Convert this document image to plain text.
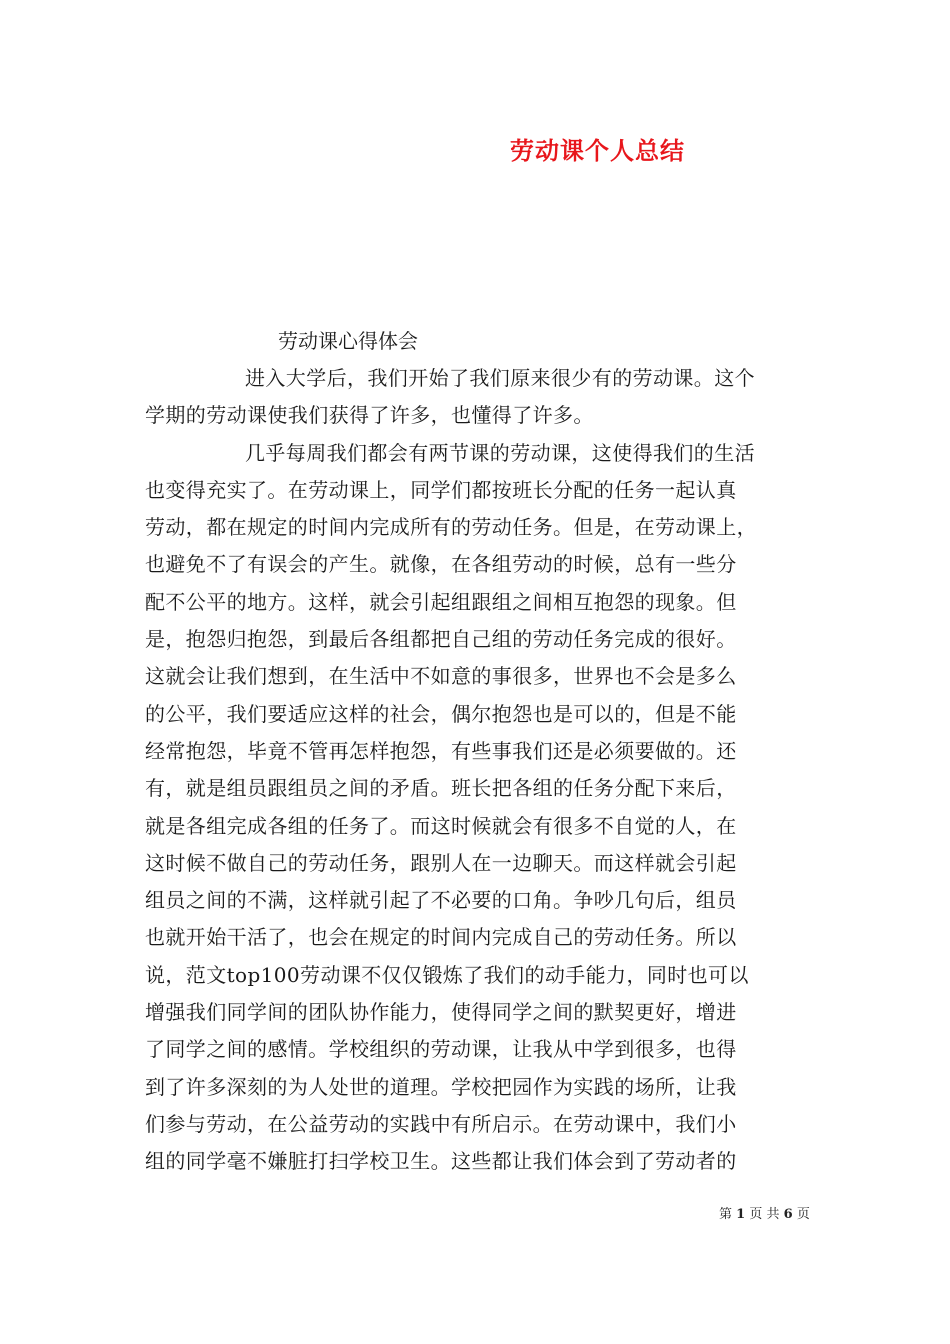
劳动课个人总结
劳动课心得体会
进入大学后，我们开始了我们原来很少有的劳动课。这个
学期的劳动课使我们获得了许多，也懂得了许多。
几乎每周我们都会有两节课的劳动课，这使得我们的生活
也变得充实了。在劳动课上，同学们都按班长分配的任务一起认真
劳动，都在规定的时间内完成所有的劳动任务。但是，在劳动课上，
也避免不了有误会的产生。就像，在各组劳动的时候，总有一些分
配不公平的地方。这样，就会引起组跟组之间相互抱怨的现象。但
是，抱怨归抱怨，到最后各组都把自己组的劳动任务完成的很好。
这就会让我们想到，在生活中不如意的事很多，世界也不会是多么
的公平，我们要适应这样的社会，偶尔抱怨也是可以的，但是不能
经常抱怨，毕竟不管再怎样抱怨，有些事我们还是必须要做的。还
有，就是组员跟组员之间的矛盾。班长把各组的任务分配下来后，
就是各组完成各组的任务了。而这时候就会有很多不自觉的人，在
这时候不做自己的劳动任务，跟别人在一边聊天。而这样就会引起
组员之间的不满，这样就引起了不必要的口角。争吵几句后，组员
也就开始干活了，也会在规定的时间内完成自己的劳动任务。所以
说，范文top100劳动课不仅仅锻炼了我们的动手能力，同时也可以
增强我们同学间的团队协作能力，使得同学之间的默契更好，增进
了同学之间的感情。学校组织的劳动课，让我从中学到很多，也得
到了许多深刻的为人处世的道理。学校把园作为实践的场所，让我
们参与劳动，在公益劳动的实践中有所启示。在劳动课中，我们小
组的同学毫不嫌脏打扫学校卫生。这些都让我们体会到了劳动者的
第 1 页 共 6 页
